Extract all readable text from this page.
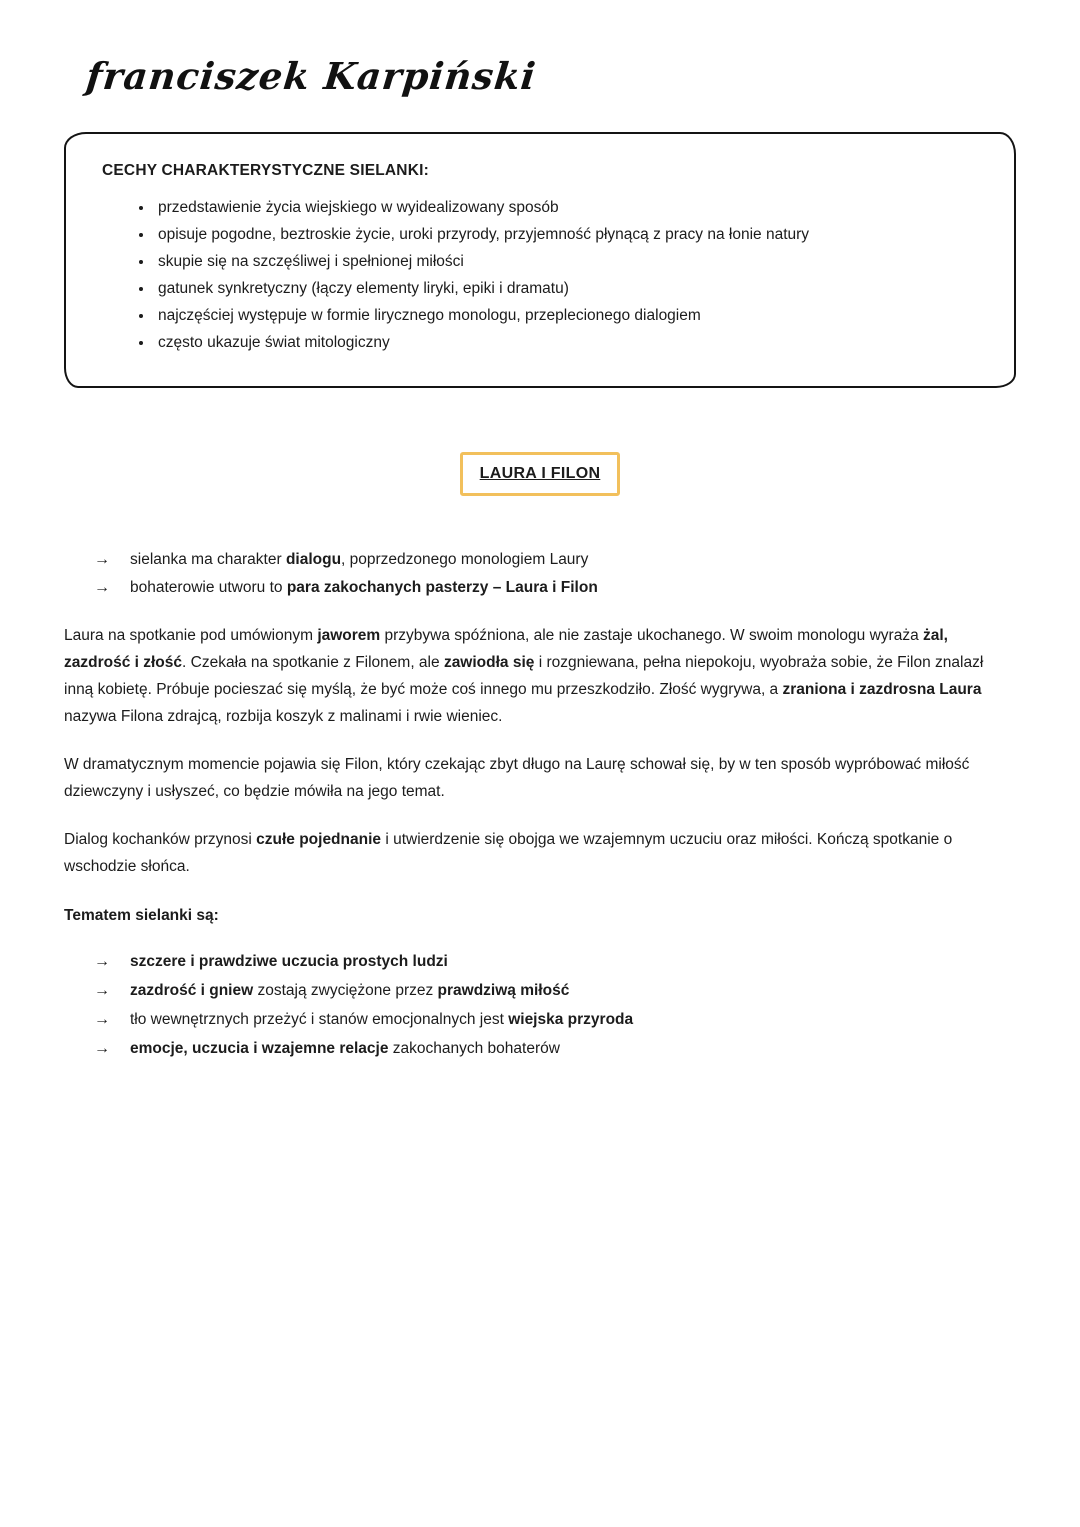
franciszek Karpiński
CECHY CHARAKTERYSTYCZNE SIELANKI:
• przedstawienie życia wiejskiego w wyidealizowany sposób
• opisuje pogodne, beztroskie życie, uroki przyrody, przyjemność płynącą z pracy na łonie natury
• skupie się na szczęśliwej i spełnionej miłości
• gatunek synkretyczny (łączy elementy liryki, epiki i dramatu)
• najczęściej występuje w formie lirycznego monologu, przeplecionego dialogiem
• często ukazuje świat mitologiczny
LAURA I FILON
→	sielanka ma charakter dialogu, poprzedzonego monologiem Laury
→	bohaterowie utworu to para zakochanych pasterzy – Laura i Filon

Laura na spotkanie pod umówionym jaworem przybywa spóźniona, ale nie zastaje ukochanego. W swoim monologu wyraża żal, zazdrość i złość. Czekała na spotkanie z Filonem, ale zawiodła się i rozgniewana, pełna niepokoju, wyobraża sobie, że Filon znalazł inną kobietę. Próbuje pocieszać się myślą, że być może coś innego mu przeszkodziło. Złość wygrywa, a zraniona i zazdrosna Laura nazywa Filona zdrajcą, rozbija koszyk z malinami i rwie wieniec.

W dramatycznym momencie pojawia się Filon, który czekając zbyt długo na Laurę schował się, by w ten sposób wypróbować miłość dziewczyny i usłyszeć, co będzie mówiła na jego temat.

Dialog kochanków przynosi czułe pojednanie i utwierdzenie się obojga we wzajemnym uczuciu oraz miłości. Kończą spotkanie o wschodzie słońca.

Tematem sielanki są:
→	szczere i prawdziwe uczucia prostych ludzi
→	zazdrość i gniew zostają zwyciężone przez prawdziwą miłość
→	tło wewnętrznych przeżyć i stanów emocjonalnych jest wiejska przyroda
→	emocje, uczucia i wzajemne relacje zakochanych bohaterów
